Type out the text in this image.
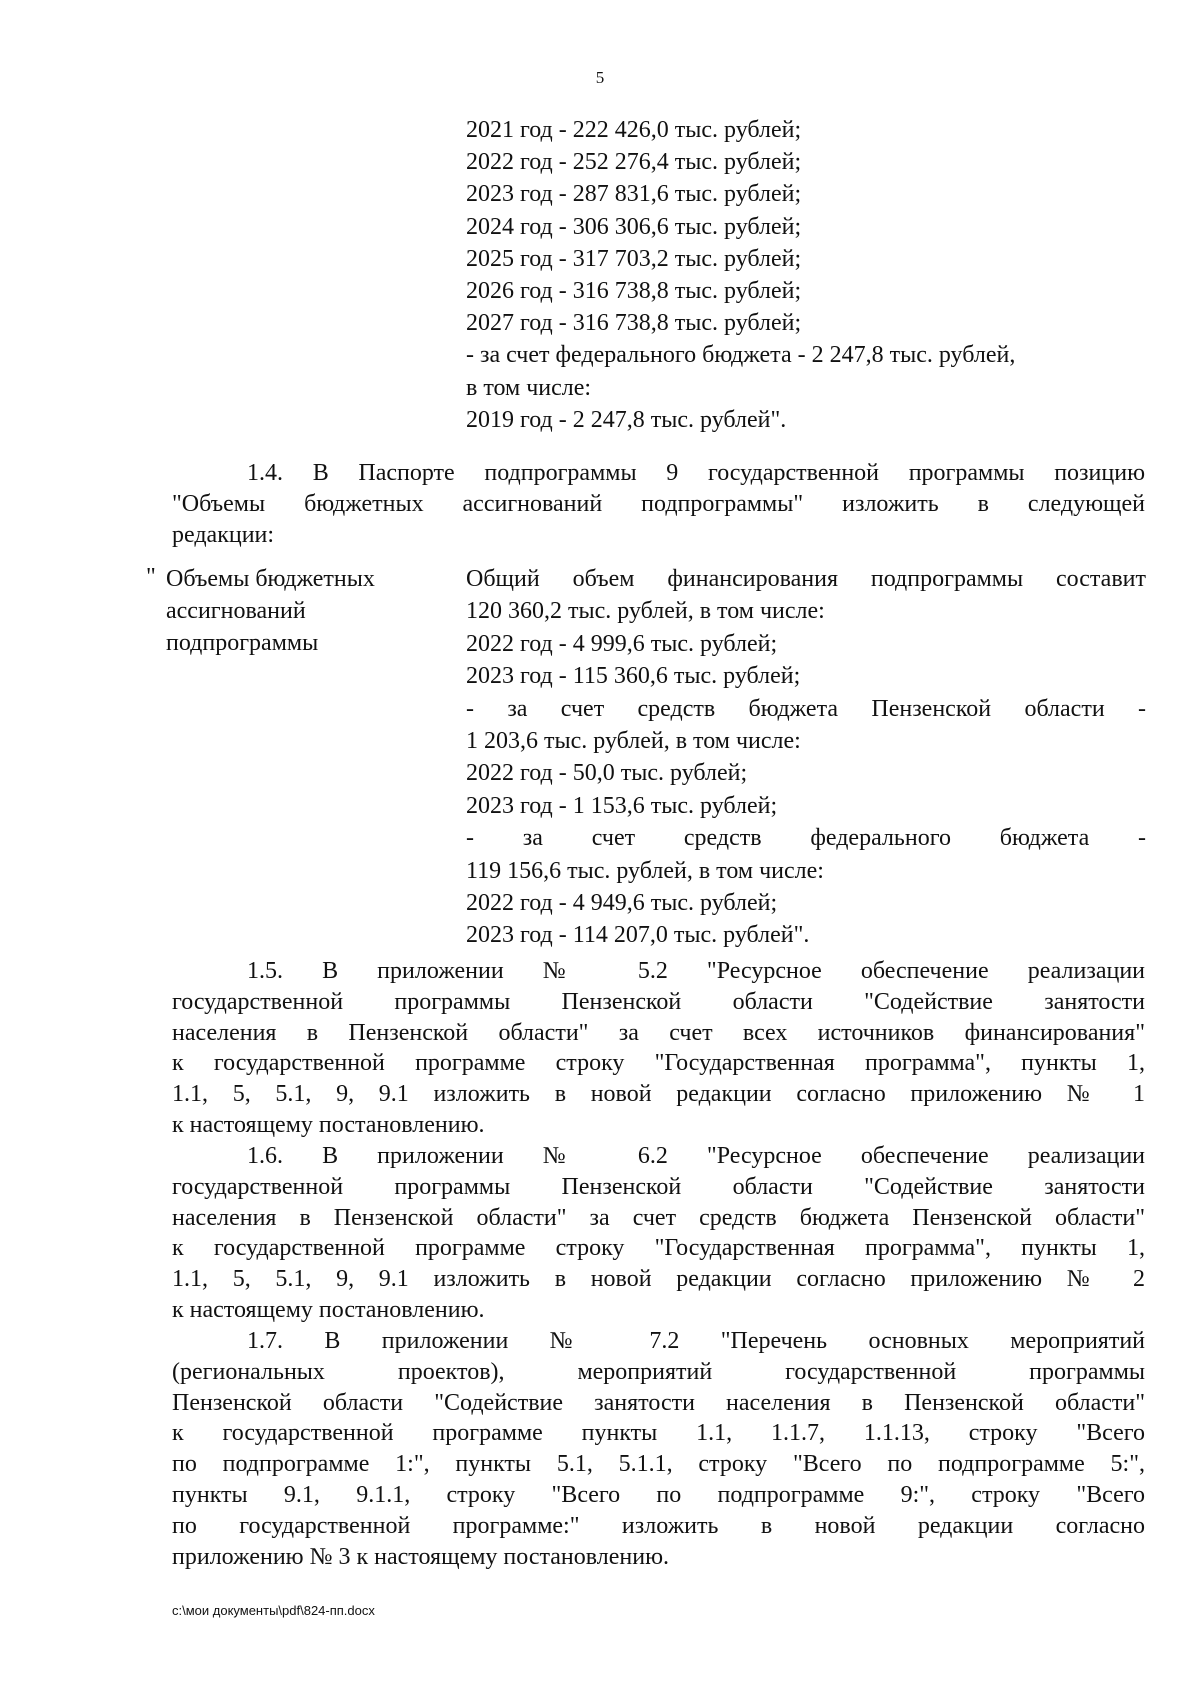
5
2021 год - 222 426,0 тыс. рублей;
2022 год - 252 276,4 тыс. рублей;
2023 год - 287 831,6 тыс. рублей;
2024 год - 306 306,6 тыс. рублей;
2025 год - 317 703,2 тыс. рублей;
2026 год - 316 738,8 тыс. рублей;
2027 год - 316 738,8 тыс. рублей;
- за счет федерального бюджета - 2 247,8 тыс. рублей,
в том числе:
2019 год - 2 247,8 тыс. рублей".
1.4. В Паспорте подпрограммы 9 государственной программы позицию
"Объемы бюджетных ассигнований подпрограммы" изложить в следующей
редакции:
" Объемы бюджетных
ассигнований
подпрограммы
Общий объем финансирования подпрограммы составит
120 360,2 тыс. рублей, в том числе:
2022 год - 4 999,6 тыс. рублей;
2023 год - 115 360,6 тыс. рублей;
- за счет средств бюджета Пензенской области -
1 203,6 тыс. рублей, в том числе:
2022 год - 50,0 тыс. рублей;
2023 год - 1 153,6 тыс. рублей;
- за счет средств федерального бюджета -
119 156,6 тыс. рублей, в том числе:
2022 год - 4 949,6 тыс. рублей;
2023 год - 114 207,0 тыс. рублей".
1.5. В приложении № 5.2 "Ресурсное обеспечение реализации
государственной программы Пензенской области "Содействие занятости
населения в Пензенской области" за счет всех источников финансирования"
к государственной программе строку "Государственная программа", пункты 1,
1.1, 5, 5.1, 9, 9.1 изложить в новой редакции согласно приложению № 1
к настоящему постановлению.
1.6. В приложении № 6.2 "Ресурсное обеспечение реализации
государственной программы Пензенской области "Содействие занятости
населения в Пензенской области" за счет средств бюджета Пензенской области"
к государственной программе строку "Государственная программа", пункты 1,
1.1, 5, 5.1, 9, 9.1 изложить в новой редакции согласно приложению № 2
к настоящему постановлению.
1.7. В приложении № 7.2 "Перечень основных мероприятий
(региональных проектов), мероприятий государственной программы
Пензенской области "Содействие занятости населения в Пензенской области"
к государственной программе пункты 1.1, 1.1.7, 1.1.13, строку "Всего
по подпрограмме 1:", пункты 5.1, 5.1.1, строку "Всего по подпрограмме 5:",
пункты 9.1, 9.1.1, строку "Всего по подпрограмме 9:", строку "Всего
по государственной программе:" изложить в новой редакции согласно
приложению № 3 к настоящему постановлению.
c:\мои документы\pdf\824-пп.docx
